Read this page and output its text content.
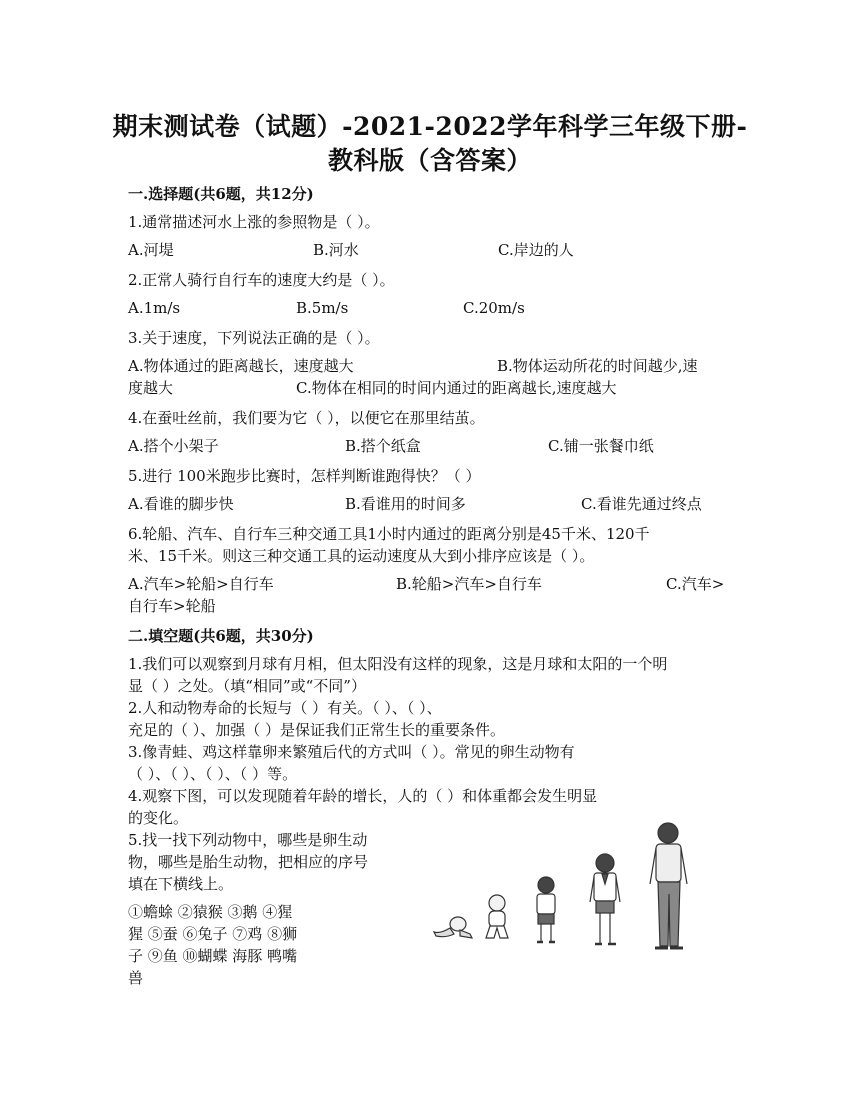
期末测试卷（试题）-2021-2022学年科学三年级下册-
教科版（含答案）
一.选择题(共6题，共12分)
1.通常描述河水上涨的参照物是（ ）。
A.河堤	B.河水	C.岸边的人
2.正常人骑行自行车的速度大约是（ ）。
A.1m/s	B.5m/s	C.20m/s
3.关于速度，下列说法正确的是（ ）。
A.物体通过的距离越长，速度越大	B.物体运动所花的时间越少,速
度越大	C.物体在相同的时间内通过的距离越长,速度越大
4.在蚕吐丝前，我们要为它（ ），以便它在那里结茧。
A.搭个小架子	B.搭个纸盒	C.铺一张餐巾纸
5.进行 100米跑步比赛时，怎样判断谁跑得快？（ ）
A.看谁的脚步快	B.看谁用的时间多	C.看谁先通过终点
6.轮船、汽车、自行车三种交通工具1小时内通过的距离分别是45千米、120千
米、15千米。则这三种交通工具的运动速度从大到小排序应该是（ ）。
A.汽车>轮船>自行车	B.轮船>汽车>自行车	C.汽车>
自行车>轮船
二.填空题(共6题，共30分)
1.我们可以观察到月球有月相，但太阳没有这样的现象，这是月球和太阳的一个明
显（ ）之处。（填“相同”或“不同”）
2.人和动物寿命的长短与（ ）有关。（ ）、（ ）、
充足的（ ）、加强（ ）是保证我们正常生长的重要条件。
3.像青蛙、鸡这样靠卵来繁殖后代的方式叫（ ）。常见的卵生动物有
（ ）、（ ）、（ ）、（ ）等。
4.观察下图，可以发现随着年龄的增长，人的（ ）和体重都会发生明显
的变化。
5.找一找下列动物中，哪些是卵生动
物，哪些是胎生动物，把相应的序号
填在下横线上。
①蟾蜍 ②猿猴 ③鹅 ④猩
猩 ⑤蚕 ⑥兔子 ⑦鸡 ⑧狮
子 ⑨鱼 ⑩蝴蝶 海豚 鸭嘴
兽
